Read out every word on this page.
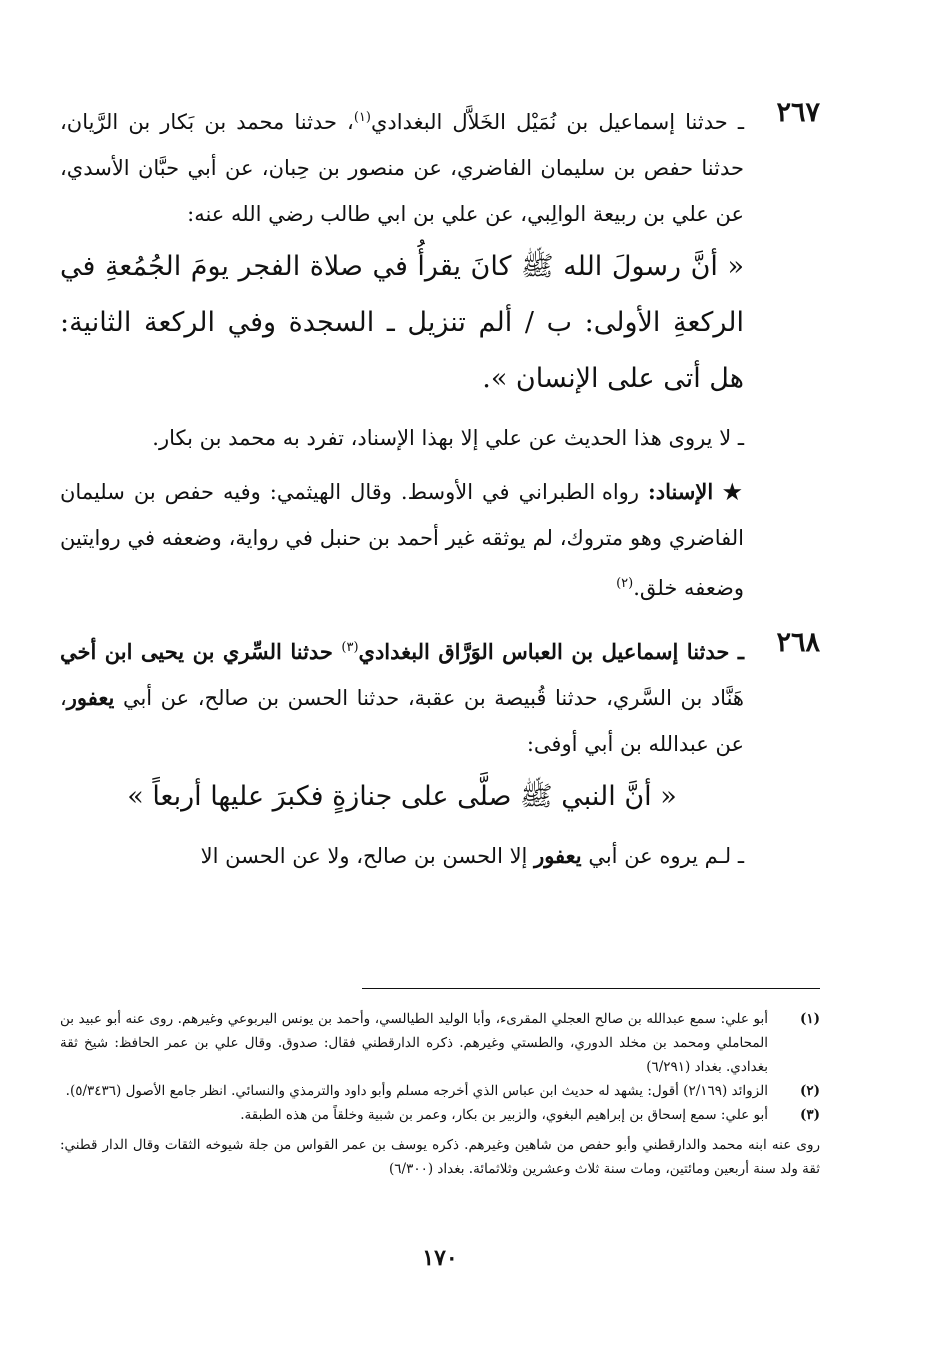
٢٦٧
ـ حدثنا إسماعيل بن نُمَيْل الخَلاَّل البغدادي$^{(١)}$، حدثنا محمد بن بَكار بن الرَّيان، حدثنا حفص بن سليمان الفاضري، عن منصور بن حِبان، عن أبي حبَّان الأسدي، عن علي بن ربيعة الوالِبي، عن علي بن ابي طالب رضي الله عنه:
« أنَّ رسولَ الله ﷺ كانَ يقرأُ في صلاة الفجر يومَ الجُمُعةِ في الركعةِ الأولى: ب / ألم تنزيل ـ السجدة وفي الركعة الثانية: هل أتى على الإنسان ».
ـ لا يروى هذا الحديث عن علي إلا بهذا الإسناد، تفرد به محمد بن بكار.
★ الإسناد: رواه الطبراني في الأوسط. وقال الهيثمي: وفيه حفص بن سليمان الفاضري وهو متروك، لم يوثقه غير أحمد بن حنبل في رواية، وضعفه في روايتين وضعفه خلق.$^{(٢)}$
٢٦٨
ـ حدثنا إسماعيل بن العباس الوَرَّاق البغدادي$^{(٣)}$ حدثنا السِّري بن يحيى ابن أخي هَنَّاد بن السَّري، حدثنا قُبيصة بن عقبة، حدثنا الحسن بن صالح، عن أبي يعفور، عن عبدالله بن أبي أوفى:
« أنَّ النبي ﷺ صلَّى على جنازةٍ فكبرَ عليها أربعاً »
ـ لـم يروه عن أبي يعفور إلا الحسن بن صالح، ولا عن الحسن الا
(١)
أبو علي: سمع عبدالله بن صالح العجلي المقرىء، وأبا الوليد الطيالسي، وأحمد بن يونس اليربوعي وغيرهم. روى عنه أبو عبيد بن المحاملي ومحمد بن مخلد الدوري، والطستي وغيرهم. ذكره الدارقطني فقال: صدوق. وقال علي بن عمر الحافظ: شيخ ثقة بغدادي. بغداد (٦/٢٩١)
(٢)
الزوائد (٢/١٦٩) أقول: يشهد له حديث ابن عباس الذي أخرجه مسلم وأبو داود والترمذي والنسائي. انظر جامع الأصول (٥/٣٤٣٦).
(٣)
أبو علي: سمع إسحاق بن إبراهيم البغوي، والزبير بن بكار، وعمر بن شبية وخلقاً من هذه الطبقة.
روى عنه ابنه محمد والدارقطني وأبو حفص من شاهين وغيرهم. ذكره يوسف بن عمر القواس من جلة شيوخه الثقات وقال الدار قطني: ثقة ولد سنة أربعين ومائتين، ومات سنة ثلاث وعشرين وثلاثمائة. بغداد (٦/٣٠٠)
١٧٠
